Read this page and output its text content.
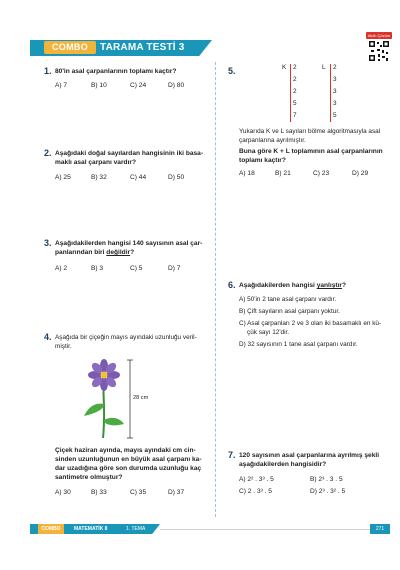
COMBO	TARAMA TESTİ 3
Akıllı Çözüm
1. 80'in asal çarpanlarının toplamı kaçtır?
A) 7	B) 10	C) 24	D) 80
2. Aşağıdaki doğal sayılardan hangisinin iki basa-
maklı asal çarpanı vardır?
A) 25	B) 32	C) 44	D) 50
3. Aşağıdakilerden hangisi 140 sayısının asal çar-
panlarından biri değildir?
A) 2	B) 3	C) 5	D) 7
4. Aşağıda bir çiçeğin mayıs ayındaki uzunluğu veril-
miştir.
28 cm
Çiçek haziran ayında, mayıs ayındaki cm cin-
sinden uzunluğunun en büyük asal çarpanı ka-
dar uzadığına göre son durumda uzunluğu kaç
santimetre olmuştur?
A) 30	B) 33	C) 35	D) 37
5.	K 2
2
2
5
7
L 2
3
3
3
5
Yukarıda K ve L sayıları bölme algoritmasıyla asal
çarpanlarına ayrılmıştır.
Buna göre K + L toplamının asal çarpanlarının
toplamı kaçtır?
A) 18	B) 21	C) 23	D) 29
6. Aşağıdakilerden hangisi yanlıştır?
A) 50'in 2 tane asal çarpanı vardır.
B) Çift sayıların asal çarpanı yoktur.
C) Asal çarpanları 2 ve 3 olan iki basamaklı en kü-
çük sayı 12'dir.
D) 32 sayısının 1 tane asal çarpanı vardır.
7. 120 sayısının asal çarpanlarına ayrılmış şekli
aşağıdakilerden hangisidir?
A) 2² . 3³ . 5	B) 2³ . 3 . 5
C) 2 . 3³ . 5	D) 2³ . 3² . 5
COMBO	MATEMATİK 8	1. TEMA	271
